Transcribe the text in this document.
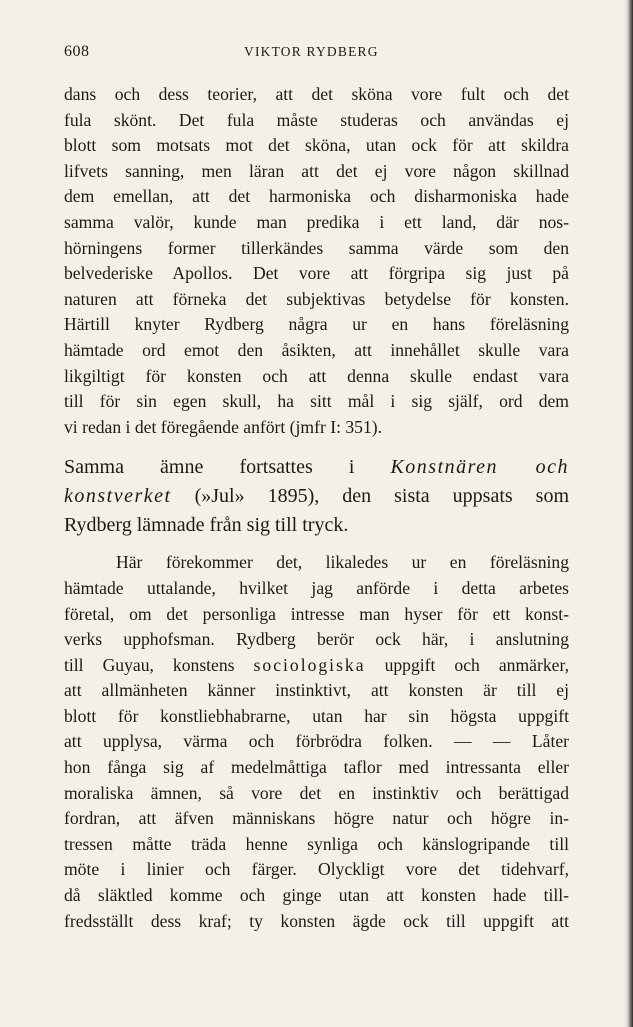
608	VIKTOR RYDBERG
dans och dess teorier, att det sköna vore fult och det
fula skönt. Det fula måste studeras och användas ej
blott som motsats mot det sköna, utan ock för att skildra
lifvets sanning, men läran att det ej vore någon skillnad
dem emellan, att det harmoniska och disharmoniska hade
samma valör, kunde man predika i ett land, där nos-
hörningens former tillerkändes samma värde som den
belvederiske Apollos. Det vore att förgripa sig just på
naturen att förneka det subjektivas betydelse för konsten.
Härtill knyter Rydberg några ur en hans föreläsning
hämtade ord emot den åsikten, att innehållet skulle vara
likgiltigt för konsten och att denna skulle endast vara
till för sin egen skull, ha sitt mål i sig själf, ord dem
vi redan i det föregående anfört (jmfr I: 351).
Samma ämne fortsattes i Konstnären och
konstverket (»Jul» 1895), den sista uppsats som
Rydberg lämnade från sig till tryck.
Här förekommer det, likaledes ur en föreläsning
hämtade uttalande, hvilket jag anförde i detta arbetes
företal, om det personliga intresse man hyser för ett konst-
verks upphofsman. Rydberg berör ock här, i anslutning
till Guyau, konstens sociologiska uppgift och anmärker,
att allmänheten känner instinktivt, att konsten är till ej
blott för konstliebhabrarne, utan har sin högsta uppgift
att upplysa, värma och förbrödra folken. — — Låter
hon fånga sig af medelmåttiga taflor med intressanta eller
moraliska ämnen, så vore det en instinktiv och berättigad
fordran, att äfven människans högre natur och högre in-
tressen måtte träda henne synliga och känslogripande till
möte i linier och färger. Olyckligt vore det tidehvarf,
då släktled komme och ginge utan att konsten hade till-
fredsställt dess kraf; ty konsten ägde ock till uppgift att
